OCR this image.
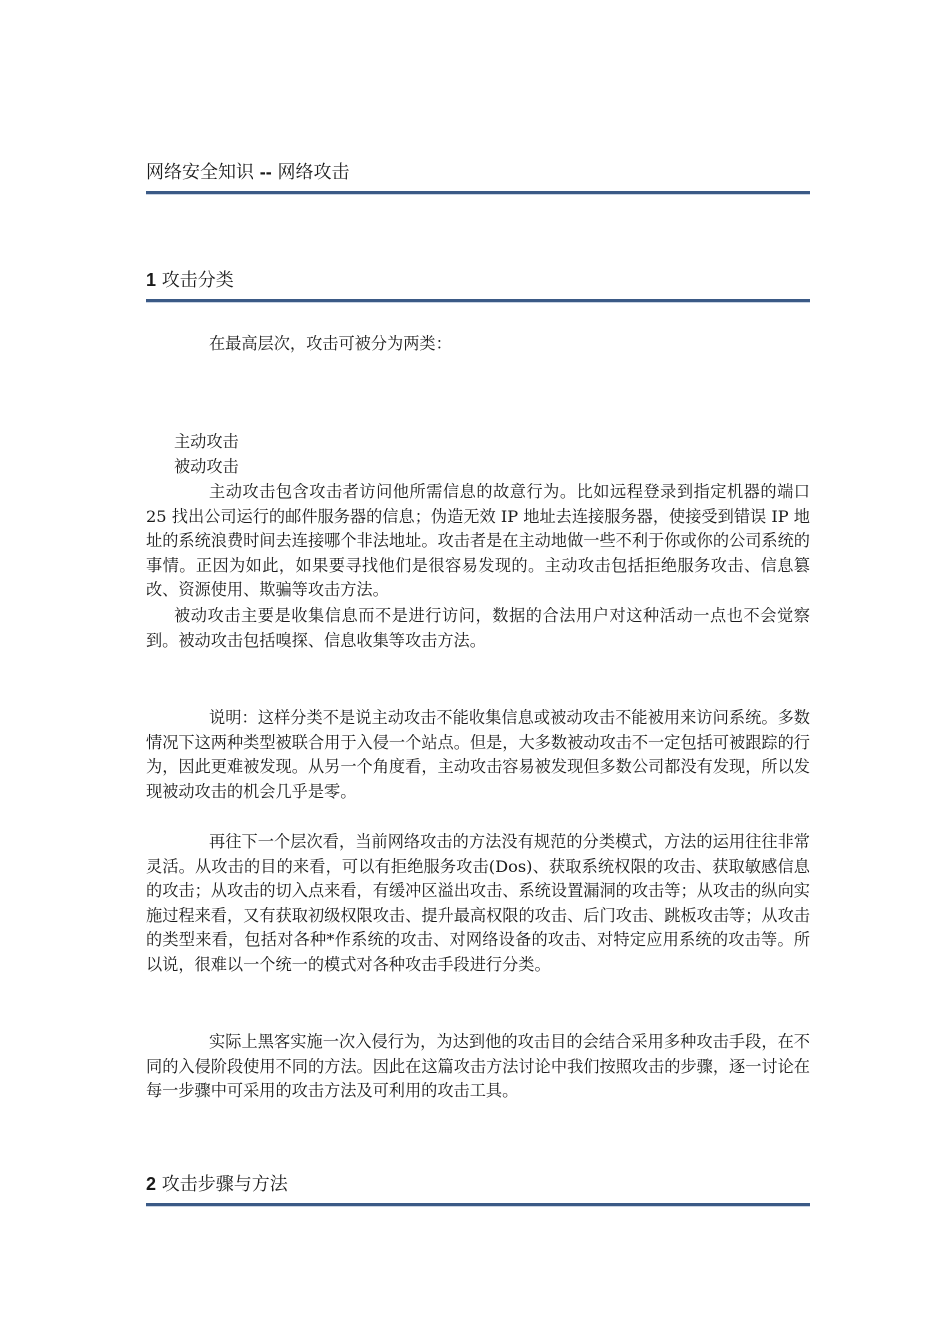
网络安全知识 -- 网络攻击
1 攻击分类

在最高层次，攻击可被分为两类：

主动攻击

被动攻击

主动攻击包含攻击者访问他所需信息的故意行为。比如远程登录到指定机器的端口 25 找出公司运行的邮件服务器的信息；伪造无效 IP 地址去连接服务器，使接受到错误 IP 地址的系统浪费时间去连接哪个非法地址。攻击者是在主动地做一些不利于你或你的公司系统的事情。正因为如此，如果要寻找他们是很容易发现的。主动攻击包括拒绝服务攻击、信息篡改、资源使用、欺骗等攻击方法。

被动攻击主要是收集信息而不是进行访问，数据的合法用户对这种活动一点也不会觉察到。被动攻击包括嗅探、信息收集等攻击方法。

说明：这样分类不是说主动攻击不能收集信息或被动攻击不能被用来访问系统。多数情况下这两种类型被联合用于入侵一个站点。但是，大多数被动攻击不一定包括可被跟踪的行为，因此更难被发现。从另一个角度看，主动攻击容易被发现但多数公司都没有发现，所以发现被动攻击的机会几乎是零。

再往下一个层次看，当前网络攻击的方法没有规范的分类模式，方法的运用往往非常灵活。从攻击的目的来看，可以有拒绝服务攻击(Dos)、获取系统权限的攻击、获取敏感信息的攻击；从攻击的切入点来看，有缓冲区溢出攻击、系统设置漏洞的攻击等；从攻击的纵向实施过程来看，又有获取初级权限攻击、提升最高权限的攻击、后门攻击、跳板攻击等；从攻击的类型来看，包括对各种*作系统的攻击、对网络设备的攻击、对特定应用系统的攻击等。所以说，很难以一个统一的模式对各种攻击手段进行分类。

实际上黑客实施一次入侵行为，为达到他的攻击目的会结合采用多种攻击手段，在不同的入侵阶段使用不同的方法。因此在这篇攻击方法讨论中我们按照攻击的步骤，逐一讨论在每一步骤中可采用的攻击方法及可利用的攻击工具。

2 攻击步骤与方法
